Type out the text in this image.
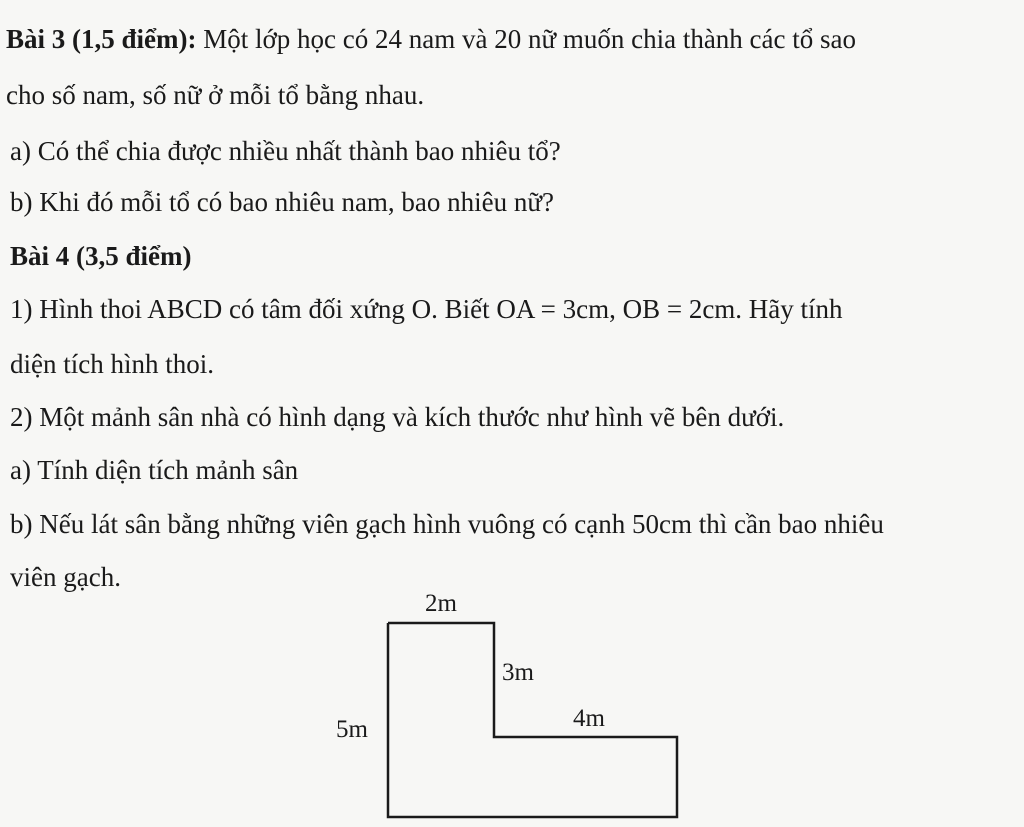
Bài 3 (1,5 điểm): Một lớp học có 24 nam và 20 nữ muốn chia thành các tổ sao
cho số nam, số nữ ở mỗi tổ bằng nhau.
a) Có thể chia được nhiều nhất thành bao nhiêu tổ?
b) Khi đó mỗi tổ có bao nhiêu nam, bao nhiêu nữ?
Bài 4 (3,5 điểm)
1) Hình thoi ABCD có tâm đối xứng O. Biết OA = 3cm, OB = 2cm. Hãy tính
diện tích hình thoi.
2) Một mảnh sân nhà có hình dạng và kích thước như hình vẽ bên dưới.
a) Tính diện tích mảnh sân
b) Nếu lát sân bằng những viên gạch hình vuông có cạnh 50cm thì cần bao nhiêu
viên gạch.
2m
3m
5m	4m
